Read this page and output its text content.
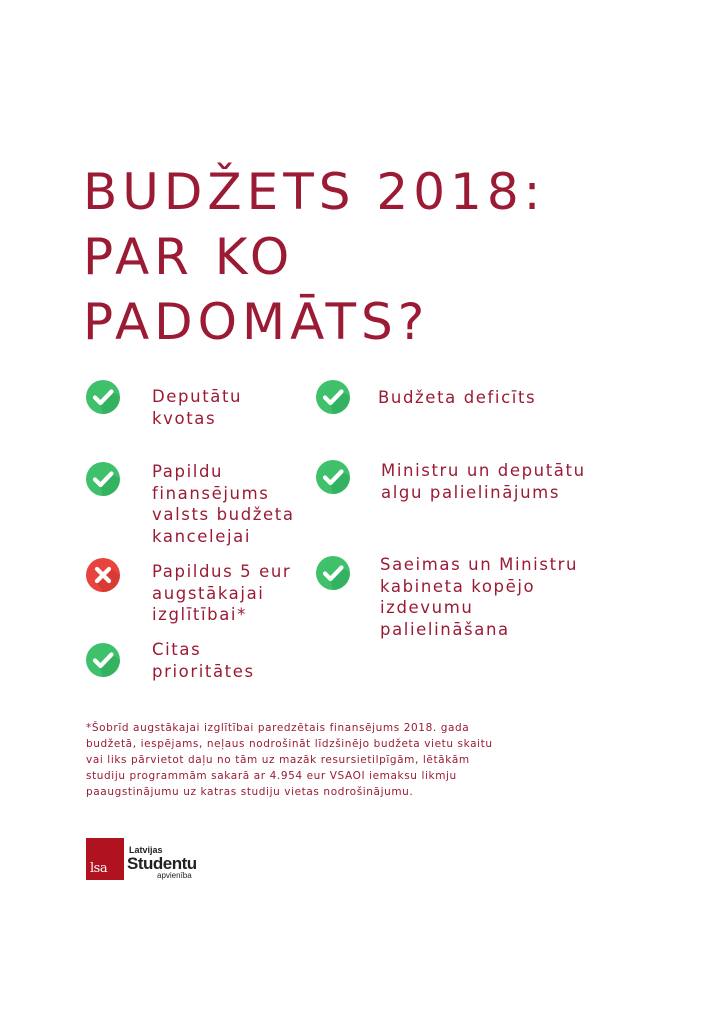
BUDŽETS 2018:
PAR KO
PADOMĀTS?
Deputātu
kvotas
Papildu
finansējums
valsts budžeta
kancelejai
Papildus 5 eur
augstākajai
izglītībai*
Citas
prioritātes
Budžeta deficīts
Ministru un deputātu
algu palielinājums
Saeimas un Ministru
kabineta kopējo
izdevumu
palielināšana

*Šobrīd augstākajai izglītībai paredzētais finansējums 2018. gada
budžetā, iespējams, neļaus nodrošināt līdzšinējo budžeta vietu skaitu
vai liks pārvietot daļu no tām uz mazāk resursietilpīgām, lētākām
studiju programmām sakarā ar 4.954 eur VSAOI iemaksu likmju
paaugstinājumu uz katras studiju vietas nodrošinājumu.

lsa
Latvijas
Studentu
apvienība
